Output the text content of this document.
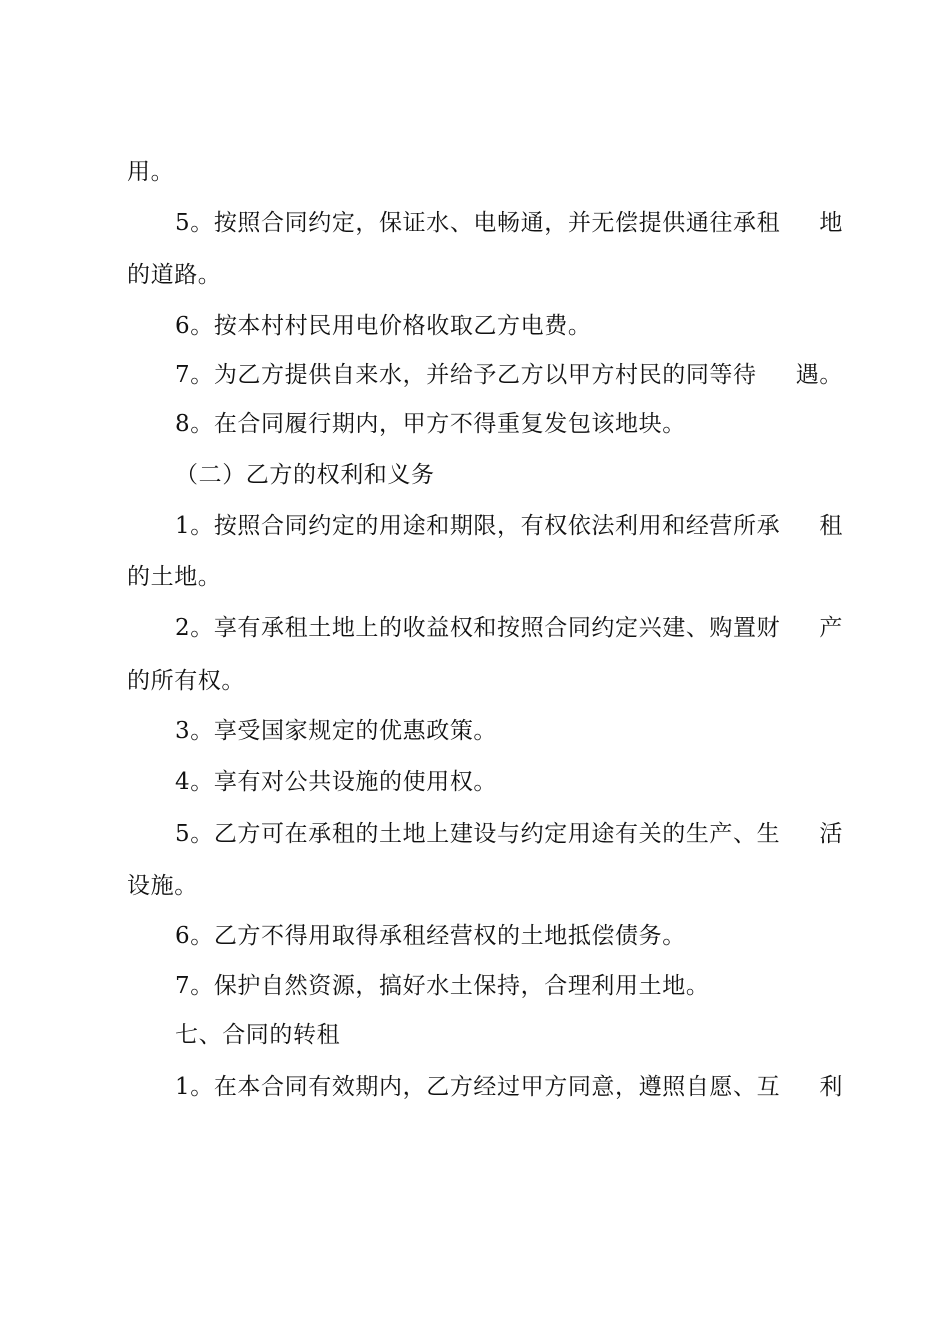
用。
5。按照合同约定，保证水、电畅通，并无偿提供通往承租 地
的道路。
6。按本村村民用电价格收取乙方电费。
7。为乙方提供自来水，并给予乙方以甲方村民的同等待 遇。
8。在合同履行期内，甲方不得重复发包该地块。
（二）乙方的权利和义务
1。按照合同约定的用途和期限，有权依法利用和经营所承 租
的土地。
2。享有承租土地上的收益权和按照合同约定兴建、购置财 产
的所有权。
3。享受国家规定的优惠政策。
4。享有对公共设施的使用权。
5。乙方可在承租的土地上建设与约定用途有关的生产、生 活
设施。
6。乙方不得用取得承租经营权的土地抵偿债务。
7。保护自然资源，搞好水土保持，合理利用土地。
七、合同的转租
1。在本合同有效期内，乙方经过甲方同意，遵照自愿、互 利
